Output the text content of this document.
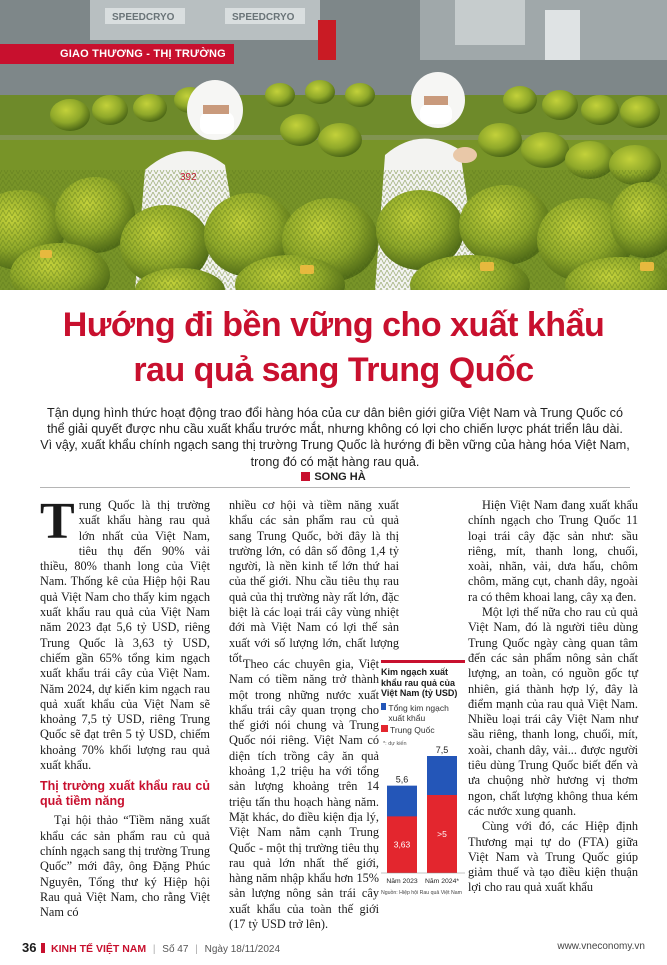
SPEEDCRYO	SPEEDCRYO
GIAO THƯƠNG - THỊ TRƯỜNG
Hướng đi bền vững cho xuất khẩu
rau quả sang Trung Quốc

Tận dụng hình thức hoạt động trao đổi hàng hóa của cư dân biên giới giữa Việt Nam và Trung Quốc có thể giải quyết được nhu cầu xuất khẩu trước mắt, nhưng không có lợi cho chiến lược phát triển lâu dài. Vì vậy, xuất khẩu chính ngạch sang thị trường Trung Quốc là hướng đi bền vững của hàng hóa Việt Nam, trong đó có mặt hàng rau quả.

SONG HÀ

Trung Quốc là thị trường xuất khẩu hàng rau quả lớn nhất của Việt Nam, tiêu thụ đến 90% vải thiều, 80% thanh long của Việt Nam. Thống kê của Hiệp hội Rau quả Việt Nam cho thấy kim ngạch xuất khẩu rau quả của Việt Nam năm 2023 đạt 5,6 tỷ USD, riêng Trung Quốc là 3,63 tỷ USD, chiếm gần 65% tổng kim ngạch xuất khẩu trái cây của Việt Nam. Năm 2024, dự kiến kim ngạch rau quả xuất khẩu của Việt Nam sẽ khoảng 7,5 tỷ USD, riêng Trung Quốc sẽ đạt trên 5 tỷ USD, chiếm khoảng 70% khối lượng rau quả xuất khẩu.

Thị trường xuất khẩu rau củ quả tiềm năng

Tại hội thảo “Tiềm năng xuất khẩu các sản phẩm rau củ quả chính ngạch sang thị trường Trung Quốc” mới đây, ông Đặng Phúc Nguyên, Tổng thư ký Hiệp hội Rau quả Việt Nam, cho rằng Việt Nam có

nhiều cơ hội và tiềm năng xuất khẩu các sản phẩm rau củ quả sang Trung Quốc, bởi đây là thị trường lớn, có dân số đông 1,4 tỷ người, là nền kinh tế lớn thứ hai của thế giới. Nhu cầu tiêu thụ rau quả của thị trường này rất lớn, đặc biệt là các loại trái cây vùng nhiệt đới mà Việt Nam có lợi thế sản xuất với số lượng lớn, chất lượng tốt.

Theo các chuyên gia, Việt Nam có tiềm năng trở thành một trong những nước xuất khẩu trái cây quan trọng cho thế giới nói chung và Trung Quốc nói riêng. Việt Nam có diện tích trồng cây ăn quả khoảng 1,2 triệu ha với tổng sản lượng khoảng trên 14 triệu tấn thu hoạch hàng năm. Mặt khác, do điều kiện địa lý, Việt Nam nằm cạnh Trung Quốc - một thị trường tiêu thụ rau quả lớn nhất thế giới, hàng năm nhập khẩu hơn 15% sản lượng nông sản trái cây xuất khẩu của toàn thế giới (17 tỷ USD trở lên).

Kim ngạch xuất khẩu rau quả của Việt Nam (tỷ USD)
Tổng kim ngạch xuất khẩu
Trung Quốc
*: dự kiến
5,6
3,63
Năm 2023
7,5
>5
Năm 2024*
Nguồn: Hiệp hội Rau quả Việt Nam

Hiện Việt Nam đang xuất khẩu chính ngạch cho Trung Quốc 11 loại trái cây đặc sản như: sầu riêng, mít, thanh long, chuối, xoài, nhãn, vải, dưa hấu, chôm chôm, măng cụt, chanh dây, ngoài ra có thêm khoai lang, cây xạ đen.

Một lợi thế nữa cho rau củ quả Việt Nam, đó là người tiêu dùng Trung Quốc ngày càng quan tâm đến các sản phẩm nông sản chất lượng, an toàn, có nguồn gốc tự nhiên, giá thành hợp lý, đây là điểm mạnh của rau quả Việt Nam. Nhiều loại trái cây Việt Nam như sầu riêng, thanh long, chuối, mít, xoài, chanh dây, vải... được người tiêu dùng Trung Quốc biết đến và ưa chuộng nhờ hương vị thơm ngon, chất lượng không thua kém các nước xung quanh.

Cùng với đó, các Hiệp định Thương mại tự do (FTA) giữa Việt Nam và Trung Quốc giúp giảm thuế và tạo điều kiện thuận lợi cho rau quả xuất khẩu

36 KINH TẾ VIỆT NAM | Số 47 | Ngày 18/11/2024	www.vneconomy.vn
